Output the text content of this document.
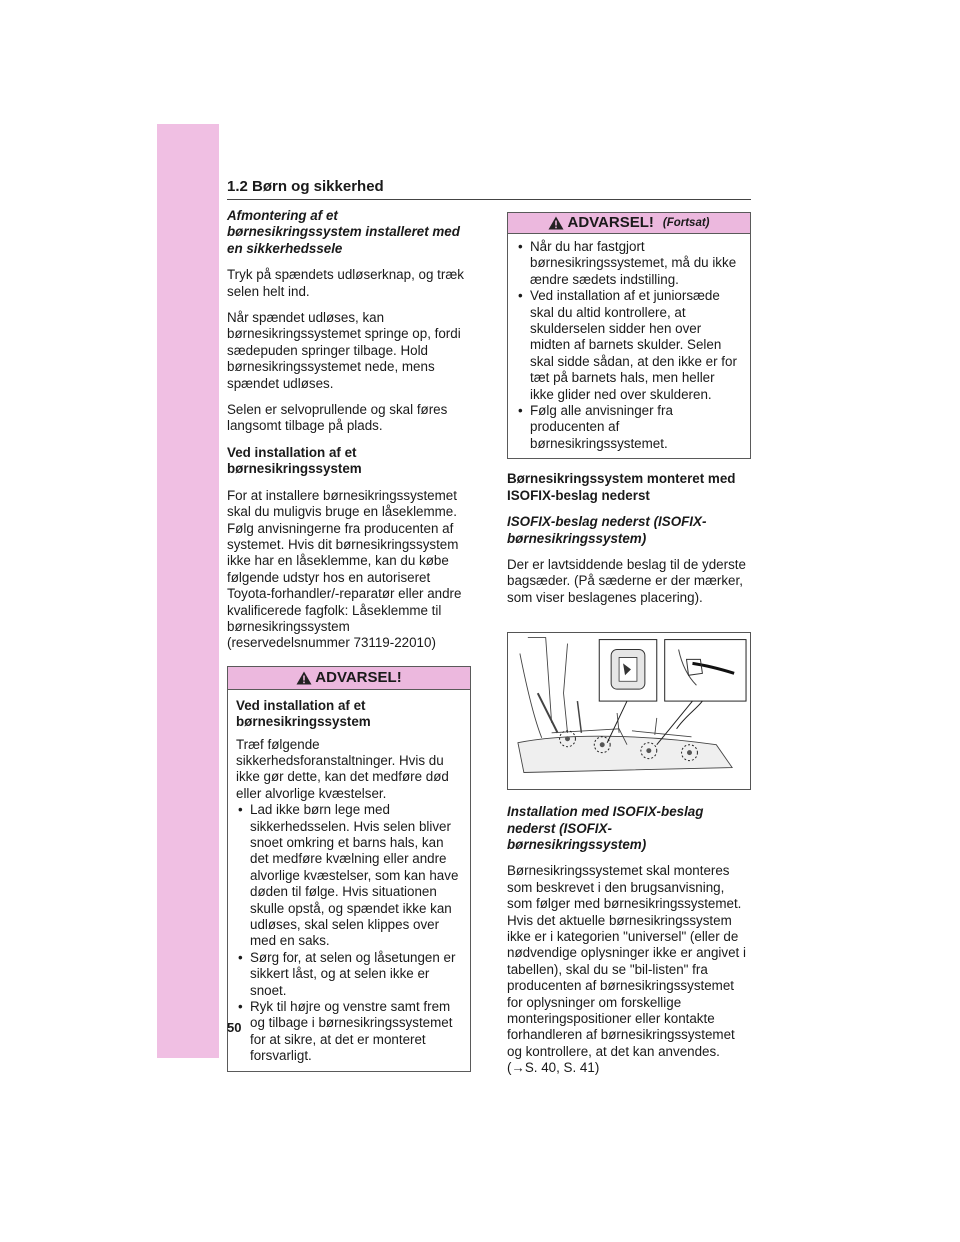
1.2 Børn og sikkerhed

Afmontering af et børnesikringssystem installeret med en sikkerhedssele

Tryk på spændets udløserknap, og træk selen helt ind.

Når spændet udløses, kan børnesikringssystemet springe op, fordi sædepuden springer tilbage. Hold børnesikringssystemet nede, mens spændet udløses.

Selen er selvoprullende og skal føres langsomt tilbage på plads.

Ved installation af et børnesikringssystem

For at installere børnesikringssystemet skal du muligvis bruge en låseklemme. Følg anvisningerne fra producenten af systemet. Hvis dit børnesikringssystem ikke har en låseklemme, kan du købe følgende udstyr hos en autoriseret Toyota-forhandler/-reparatør eller andre kvalificerede fagfolk: Låseklemme til børnesikringssystem (reservedelsnummer 73119-22010)

ADVARSEL!

Ved installation af et børnesikringssystem

Træf følgende sikkerhedsforanstaltninger. Hvis du ikke gør dette, kan det medføre død eller alvorlige kvæstelser.

• Lad ikke børn lege med sikkerhedsselen. Hvis selen bliver snoet omkring et barns hals, kan det medføre kvælning eller andre alvorlige kvæstelser, som kan have døden til følge. Hvis situationen skulle opstå, og spændet ikke kan udløses, skal selen klippes over med en saks.
• Sørg for, at selen og låsetungen er sikkert låst, og at selen ikke er snoet.
• Ryk til højre og venstre samt frem og tilbage i børnesikringssystemet for at sikre, at det er monteret forsvarligt.
ADVARSEL! (Fortsat)
• Når du har fastgjort børnesikringssystemet, må du ikke ændre sædets indstilling.
• Ved installation af et juniorsæde skal du altid kontrollere, at skulderselen sidder hen over midten af barnets skulder. Selen skal sidde sådan, at den ikke er for tæt på barnets hals, men heller ikke glider ned over skulderen.
• Følg alle anvisninger fra producenten af børnesikringssystemet.

Børnesikringssystem monteret med ISOFIX-beslag nederst

ISOFIX-beslag nederst (ISOFIX-børnesikringssystem)

Der er lavtsiddende beslag til de yderste bagsæder. (På sæderne er der mærker, som viser beslagenes placering).

Installation med ISOFIX-beslag nederst (ISOFIX-børnesikringssystem)

Børnesikringssystemet skal monteres som beskrevet i den brugsanvisning, som følger med børnesikringssystemet. Hvis det aktuelle børnesikringssystem ikke er i kategorien "universel" (eller de nødvendige oplysninger ikke er angivet i tabellen), skal du se "bil-listen" fra producenten af børnesikringssystemet for oplysninger om forskellige monteringspositioner eller kontakte forhandleren af børnesikringssystemet og kontrollere, at det kan anvendes.

(→S. 40, S. 41)

50
